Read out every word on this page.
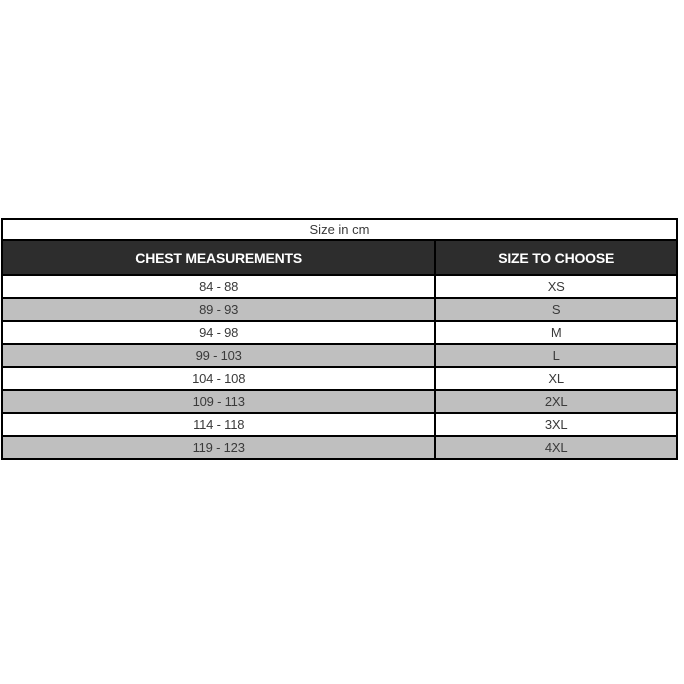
Size in cm	
CHEST MEASUREMENTS	SIZE TO CHOOSE
84 - 88	XS
89 - 93	S
94 - 98	M
99 - 103	L
104 - 108	XL
109 - 113	2XL
114 - 118	3XL
119 - 123	4XL
